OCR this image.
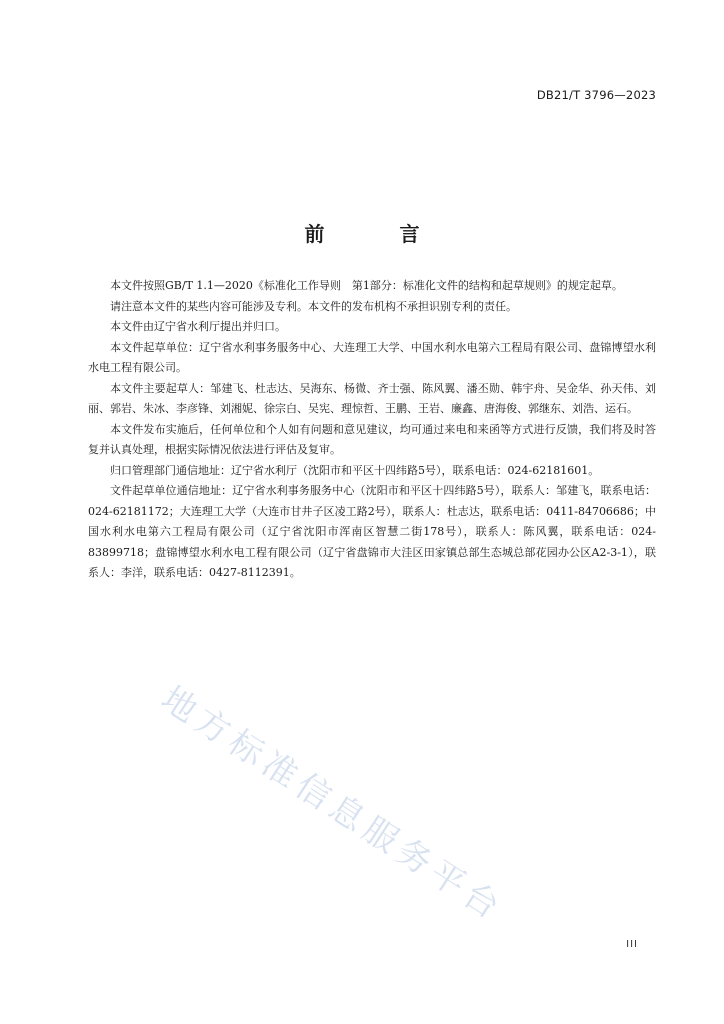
DB21/T 3796—2023
前 言

本文件按照GB/T 1.1—2020《标准化工作导则　第1部分：标准化文件的结构和起草规则》的规定起草。

请注意本文件的某些内容可能涉及专利。本文件的发布机构不承担识别专利的责任。

本文件由辽宁省水利厅提出并归口。

本文件起草单位：辽宁省水利事务服务中心、大连理工大学、中国水利水电第六工程局有限公司、盘锦博望水利水电工程有限公司。

本文件主要起草人：邹建飞、杜志达、吴海东、杨微、齐士强、陈风翼、潘丕勋、韩宇舟、吴金华、孙天伟、刘丽、郭岩、朱冰、李彦锋、刘湘妮、徐宗白、吴宪、理惊哲、王鹏、王岩、廉鑫、唐海俊、郭继东、刘浩、运石。

本文件发布实施后，任何单位和个人如有问题和意见建议，均可通过来电和来函等方式进行反馈，我们将及时答复并认真处理，根据实际情况依法进行评估及复审。

归口管理部门通信地址：辽宁省水利厅（沈阳市和平区十四纬路5号），联系电话：024-62181601。

文件起草单位通信地址：辽宁省水利事务服务中心（沈阳市和平区十四纬路5号），联系人：邹建飞，联系电话：024-62181172；大连理工大学（大连市甘井子区凌工路2号），联系人：杜志达，联系电话：0411-84706686；中国水利水电第六工程局有限公司（辽宁省沈阳市浑南区智慧二街178号），联系人：陈风翼，联系电话：024-83899718；盘锦博望水利水电工程有限公司（辽宁省盘锦市大洼区田家镇总部生态城总部花园办公区A2-3-1），联系人：李洋，联系电话：0427-8112391。

地方标准信息服务平台
III
